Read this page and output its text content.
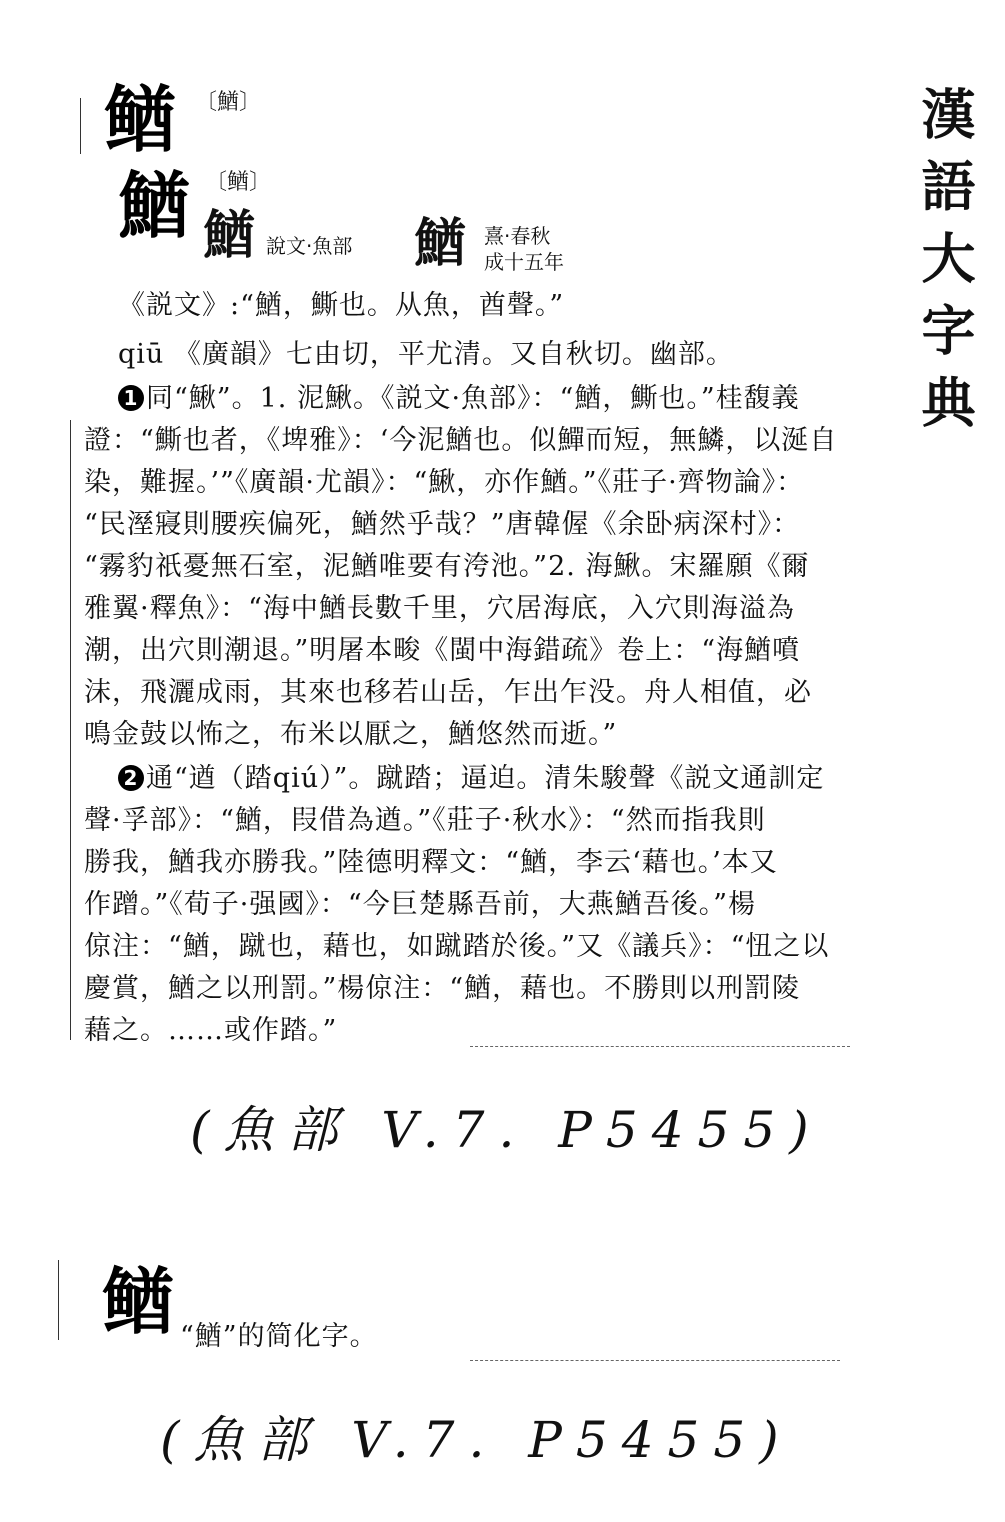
漢語大字典
䲡 〔鰌〕
鰌 〔䲡〕
鰌 說文·魚部 鰌 熹·春秋
成十五年
《説文》:“鰌，䲉也。从魚，酋聲。”
qiū 《廣韻》七由切，平尤清。又自秋切。幽部。
1 同“鰍”。1. 泥鰍。《説文·魚部》：“鰌，䲉也。”桂馥義
證：“䲉也者，《埤雅》：‘今泥鰌也。似鱓而短，無鱗，以涎自
染，難握。’”《廣韻·尤韻》：“鰍，亦作鰌。”《莊子·齊物論》：
“民溼寢則腰疾偏死，鰌然乎哉？”唐韓偓《余卧病深村》：
“霧豹祇憂無石室，泥鰌唯要有洿池。”2. 海鰍。宋羅願《爾
雅翼·釋魚》：“海中鰌長數千里，穴居海底，入穴則海溢為
潮，出穴則潮退。”明屠本畯《閩中海錯疏》卷上：“海鰌噴
沫，飛灑成雨，其來也移若山岳，乍出乍没。舟人相值，必
鳴金鼓以怖之，布米以厭之，鰌悠然而逝。”
2 通“遒（踏qiú）”。蹴踏；逼迫。清朱駿聲《説文通訓定
聲·孚部》：“鰌，叚借為遒。”《莊子·秋水》：“然而指我則
勝我，鰌我亦勝我。”陸德明釋文：“鰌，李云‘藉也。’本又
作蹭。”《荀子·强國》：“今巨楚縣吾前，大燕鰌吾後。”楊
倞注：“鰌，蹴也，藉也，如蹴踏於後。”又《議兵》：“忸之以
慶賞，鰌之以刑罰。”楊倞注：“鰌，藉也。不勝則以刑罰陵
藉之。……或作踏。”
(魚部 V.7. P5455)
䲡 “鰌”的简化字。
(魚部 V.7. P5455)
